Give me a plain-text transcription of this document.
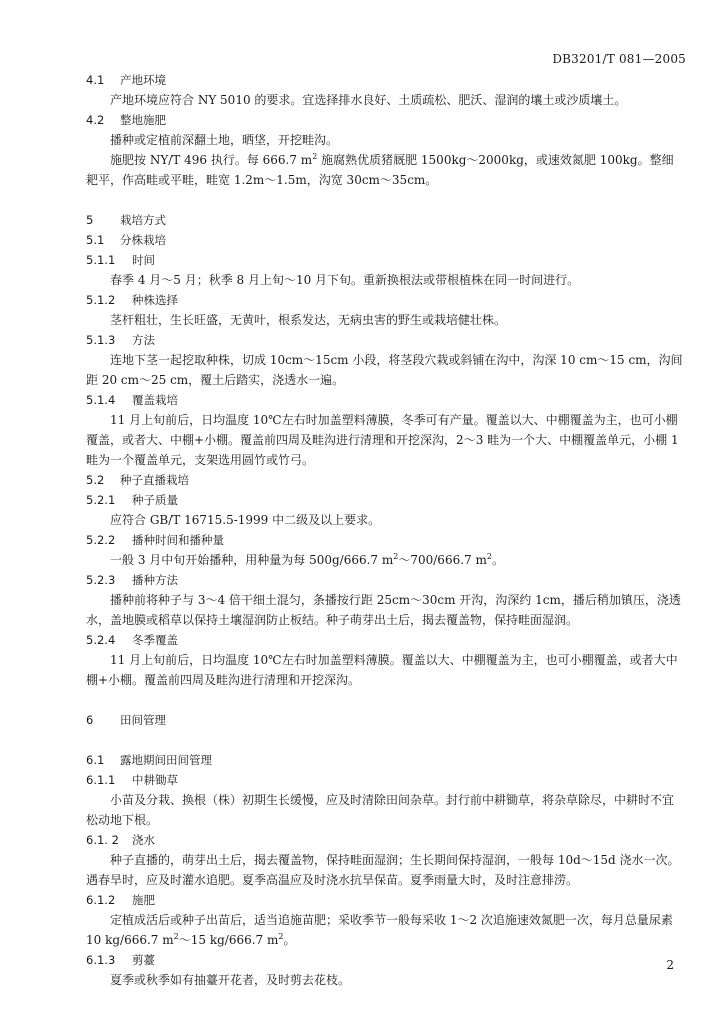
DB3201/T 081—2005
4.1 产地环境
产地环境应符合 NY 5010 的要求。宜选择排水良好、土质疏松、肥沃、湿润的壤土或沙质壤土。
4.2 整地施肥
播种或定植前深翻土地，晒垡，开挖畦沟。
施肥按 NY/T 496 执行。每 666.7 $m^2$ 施腐熟优质猪厩肥 1500kg～2000kg，或速效氮肥 100kg。整细耙平，作高畦或平畦，畦宽 1.2m～1.5m，沟宽 30cm～35cm。
5 栽培方式
5.1 分株栽培
5.1.1 时间
春季 4 月～5 月；秋季 8 月上旬～10 月下旬。重新换根法或带根植株在同一时间进行。
5.1.2 种株选择
茎杆粗壮，生长旺盛，无黄叶，根系发达，无病虫害的野生或栽培健壮株。
5.1.3 方法
连地下茎一起挖取种株，切成 10cm～15cm 小段，将茎段穴栽或斜铺在沟中，沟深 10 cm～15 cm，沟间距 20 cm～25 cm，覆土后踏实，浇透水一遍。
5.1.4 覆盖栽培
11 月上旬前后，日均温度 10℃左右时加盖塑料薄膜，冬季可有产量。覆盖以大、中棚覆盖为主，也可小棚覆盖，或者大、中棚+小棚。覆盖前四周及畦沟进行清理和开挖深沟，2～3 畦为一个大、中棚覆盖单元，小棚 1 畦为一个覆盖单元，支架选用圆竹或竹弓。
5.2 种子直播栽培
5.2.1 种子质量
应符合 GB/T 16715.5-1999 中二级及以上要求。
5.2.2 播种时间和播种量
一般 3 月中旬开始播种，用种量为每 500g/666.7 $m^2\sim 700/666.7$ $m^2$。
5.2.3 播种方法
播种前将种子与 3～4 倍干细土混匀，条播按行距 25cm～30cm 开沟，沟深约 1cm，播后稍加镇压，浇透水，盖地膜或稻草以保持土壤湿润防止板结。种子萌芽出土后，揭去覆盖物，保持畦面湿润。
5.2.4 冬季覆盖
11 月上旬前后，日均温度 10℃左右时加盖塑料薄膜。覆盖以大、中棚覆盖为主，也可小棚覆盖，或者大中棚+小棚。覆盖前四周及畦沟进行清理和开挖深沟。
6 田间管理
6.1 露地期间田间管理
6.1.1 中耕锄草
小苗及分栽、换根（株）初期生长缓慢，应及时清除田间杂草。封行前中耕锄草，将杂草除尽，中耕时不宜松动地下根。
6.1. 2 浇水
种子直播的，萌芽出土后，揭去覆盖物，保持畦面湿润；生长期间保持湿润，一般每 10d～15d 浇水一次。遇春旱时，应及时灌水追肥。夏季高温应及时浇水抗旱保苗。夏季雨量大时，及时注意排涝。
6.1.2 施肥
定植成活后或种子出苗后，适当追施苗肥；采收季节一般每采收 1～2 次追施速效氮肥一次，每月总量尿素 10 kg/666.7 $m^2\sim 15$ kg/666.7 $m^2$。
6.1.3 剪薹
夏季或秋季如有抽薹开花者，及时剪去花枝。
2
